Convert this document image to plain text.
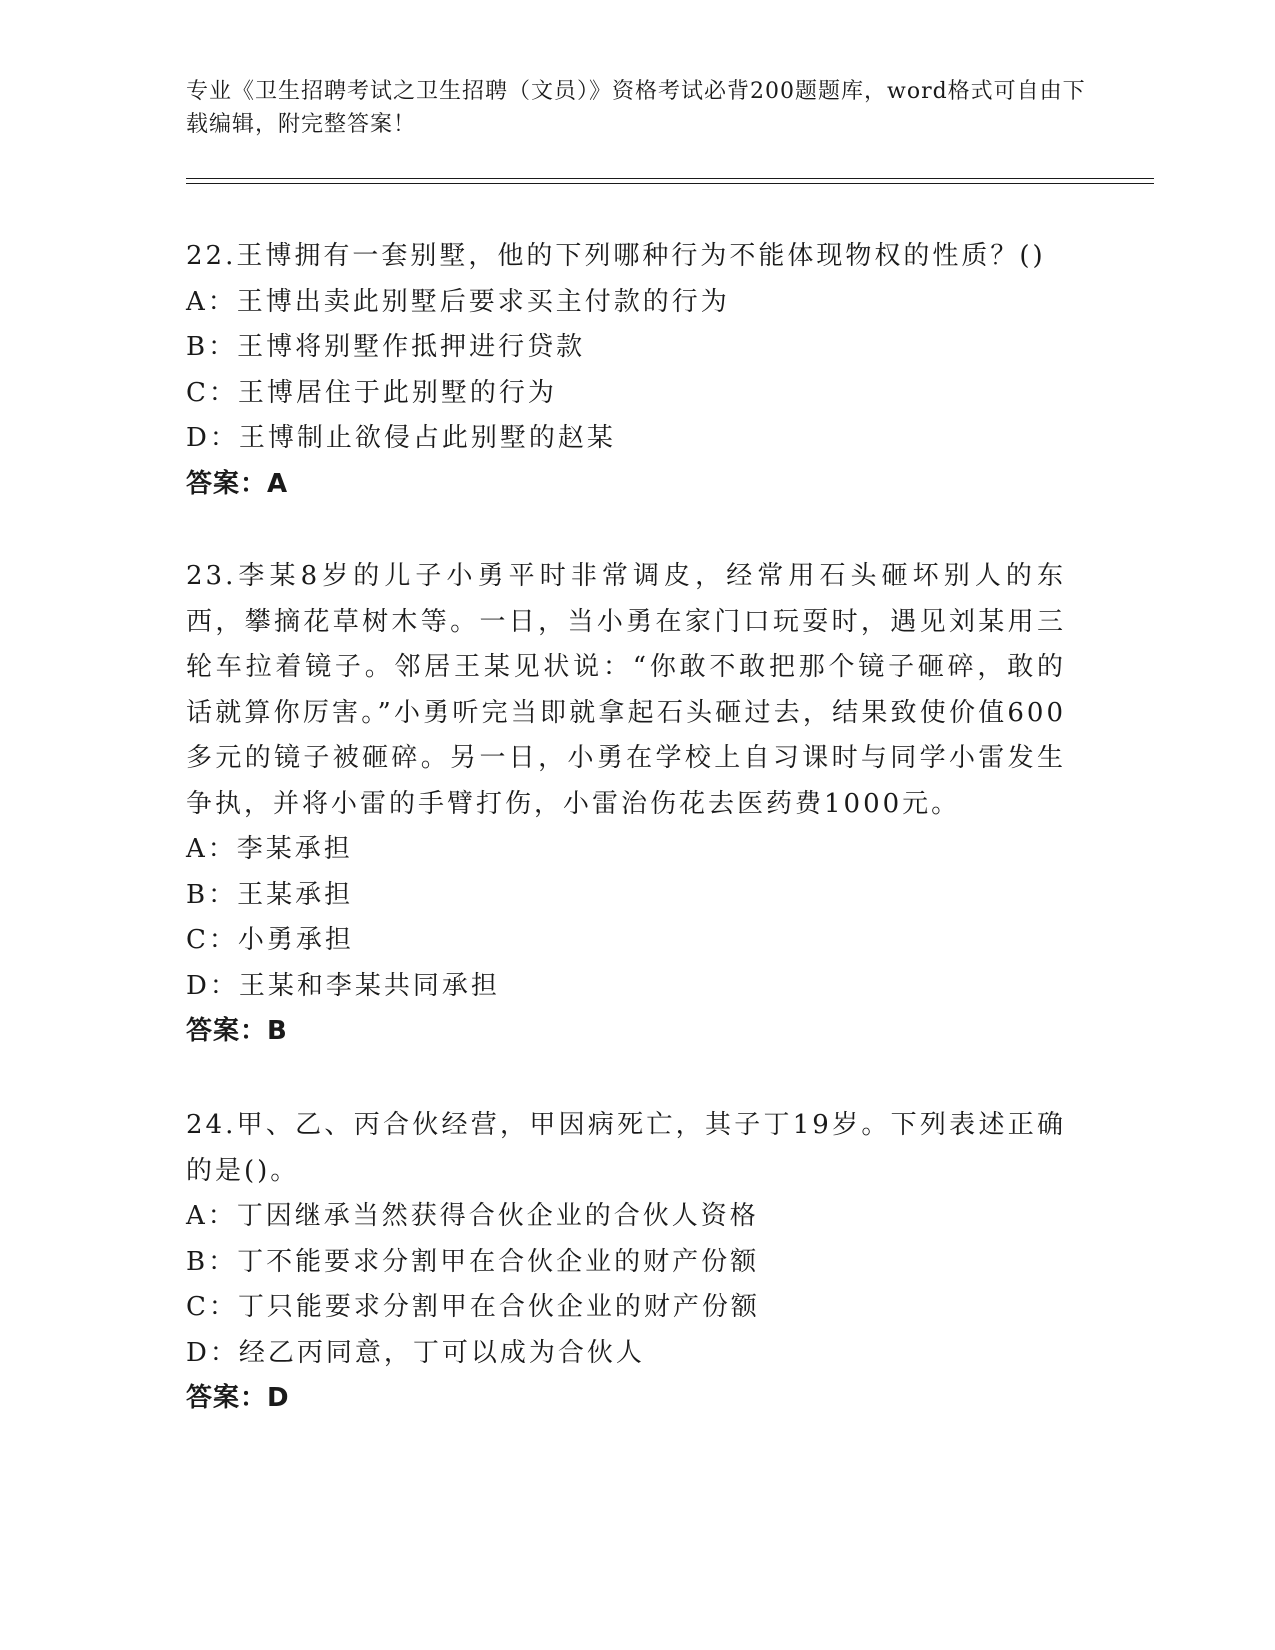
专业《卫生招聘考试之卫生招聘（文员）》资格考试必背200题题库，word格式可自由下载编辑，附完整答案！
22.王博拥有一套别墅，他的下列哪种行为不能体现物权的性质？()
A：王博出卖此别墅后要求买主付款的行为
B：王博将别墅作抵押进行贷款
C：王博居住于此别墅的行为
D：王博制止欲侵占此别墅的赵某
答案：A
23.李某8岁的儿子小勇平时非常调皮，经常用石头砸坏别人的东西，攀摘花草树木等。一日，当小勇在家门口玩耍时，遇见刘某用三轮车拉着镜子。邻居王某见状说：“你敢不敢把那个镜子砸碎，敢的话就算你厉害。”小勇听完当即就拿起石头砸过去，结果致使价值600多元的镜子被砸碎。另一日，小勇在学校上自习课时与同学小雷发生争执，并将小雷的手臂打伤，小雷治伤花去医药费1000元。
A：李某承担
B：王某承担
C：小勇承担
D：王某和李某共同承担
答案：B
24.甲、乙、丙合伙经营，甲因病死亡，其子丁19岁。下列表述正确的是()。
A：丁因继承当然获得合伙企业的合伙人资格
B：丁不能要求分割甲在合伙企业的财产份额
C：丁只能要求分割甲在合伙企业的财产份额
D：经乙丙同意，丁可以成为合伙人
答案：D
